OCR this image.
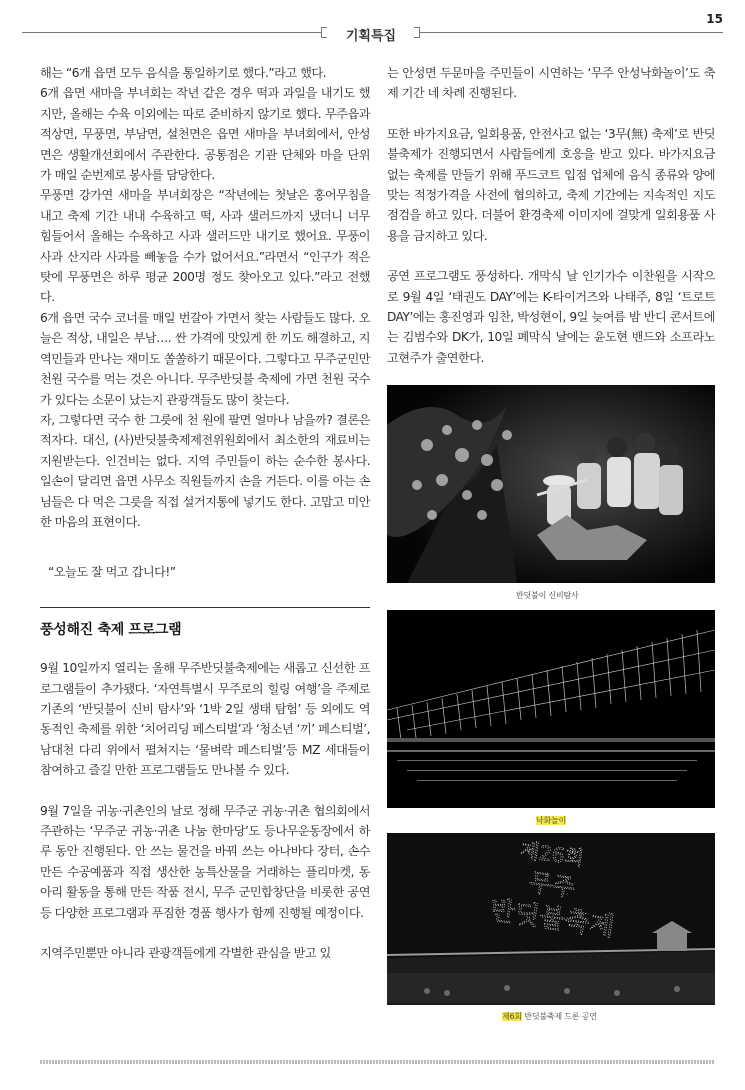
15
기획특집

해는 “6개 읍면 모두 음식을 통일하기로 했다.”라고 했다.

6개 읍면 새마을 부녀회는 작년 같은 경우 떡과 과일을 내기도 했지만, 올해는 수육 이외에는 따로 준비하지 않기로 했다. 무주읍과 적상면, 무풍면, 부남면, 설천면은 읍면 새마을 부녀회에서, 안성면은 생활개선회에서 주관한다. 공통점은 기관 단체와 마을 단위가 매일 순번제로 봉사를 담당한다.

무풍면 강가연 새마을 부녀회장은 “작년에는 첫날은 홍어무침을 내고 축제 기간 내내 수육하고 떡, 사과 샐러드까지 냈더니 너무 힘들어서 올해는 수육하고 사과 샐러드만 내기로 했어요. 무풍이 사과 산지라 사과를 빼놓을 수가 없어서요.”라면서 “인구가 적은 탓에 무풍면은 하루 평균 200명 정도 찾아오고 있다.”라고 전했다.

6개 읍면 국수 코너를 매일 번갈아 가면서 찾는 사람들도 많다. 오늘은 적상, 내일은 부남…. 싼 가격에 맛있게 한 끼도 해결하고, 지역민들과 만나는 재미도 쏠쏠하기 때문이다. 그렇다고 무주군민만 천원 국수를 먹는 것은 아니다. 무주반딧불 축제에 가면 천원 국수가 있다는 소문이 났는지 관광객들도 많이 찾는다.

자, 그렇다면 국수 한 그릇에 천 원에 팔면 얼마나 남을까? 결론은 적자다. 대신, (사)반딧불축제제전위원회에서 최소한의 재료비는 지원받는다. 인건비는 없다. 지역 주민들이 하는 순수한 봉사다. 일손이 달리면 읍면 사무소 직원들까지 손을 거든다. 이를 아는 손님들은 다 먹은 그릇을 직접 설거지통에 넣기도 한다. 고맙고 미안한 마음의 표현이다.

“오늘도 잘 먹고 갑니다!”

풍성해진 축제 프로그램

9월 10일까지 열리는 올해 무주반딧불축제에는 새롭고 신선한 프로그램들이 추가됐다. ‘자연특별시 무주로의 힐링 여행’을 주제로 기존의 ‘반딧불이 신비 탐사’와 ‘1박 2일 생태 탐험’ 등 외에도 역동적인 축제를 위한 ‘치어리딩 페스티벌’과 ‘청소년 ‘끼’ 페스티벌’, 남대천 다리 위에서 펼쳐지는 ‘물벼락 페스티벌’등 MZ 세대들이 참여하고 즐길 만한 프로그램들도 만나볼 수 있다.

9월 7일을 귀농·귀촌인의 날로 정해 무주군 귀농·귀촌 협의회에서 주관하는 ‘무주군 귀농·귀촌 나눔 한마당’도 등나무운동장에서 하루 동안 진행된다. 안 쓰는 물건을 바꿔 쓰는 아나바다 장터, 손수 만든 수공예품과 직접 생산한 농특산물을 거래하는 플리마켓, 동아리 활동을 통해 만든 작품 전시, 무주 군민합창단을 비롯한 공연 등 다양한 프로그램과 푸짐한 경품 행사가 함께 진행될 예정이다.

지역주민뿐만 아니라 관광객들에게 각별한 관심을 받고 있

는 안성면 두문마을 주민들이 시연하는 ‘무주 안성낙화놀이’도 축제 기간 네 차례 진행된다.

또한 바가지요금, 일회용품, 안전사고 없는 ‘3무(無) 축제’로 반딧불축제가 진행되면서 사람들에게 호응을 받고 있다. 바가지요금 없는 축제를 만들기 위해 푸드코트 입점 업체에 음식 종류와 양에 맞는 적정가격을 사전에 협의하고, 축제 기간에는 지속적인 지도점검을 하고 있다. 더불어 환경축제 이미지에 걸맞게 일회용품 사용을 금지하고 있다.

공연 프로그램도 풍성하다. 개막식 날 인기가수 이찬원을 시작으로 9월 4일 ‘태권도 DAY’에는 K-타이거즈와 나태주, 8일 ‘트로트 DAY’에는 홍진영과 임찬, 박성현이, 9일 늦여름 밤 반디 콘서트에는 김범수와 DK가, 10일 폐막식 날에는 윤도현 밴드와 소프라노 고현주가 출연한다.

반딧불이 신비탐사
낙화놀이
제26회
무주
반딧불축제
제6회 반딧불축제 드론 공연
